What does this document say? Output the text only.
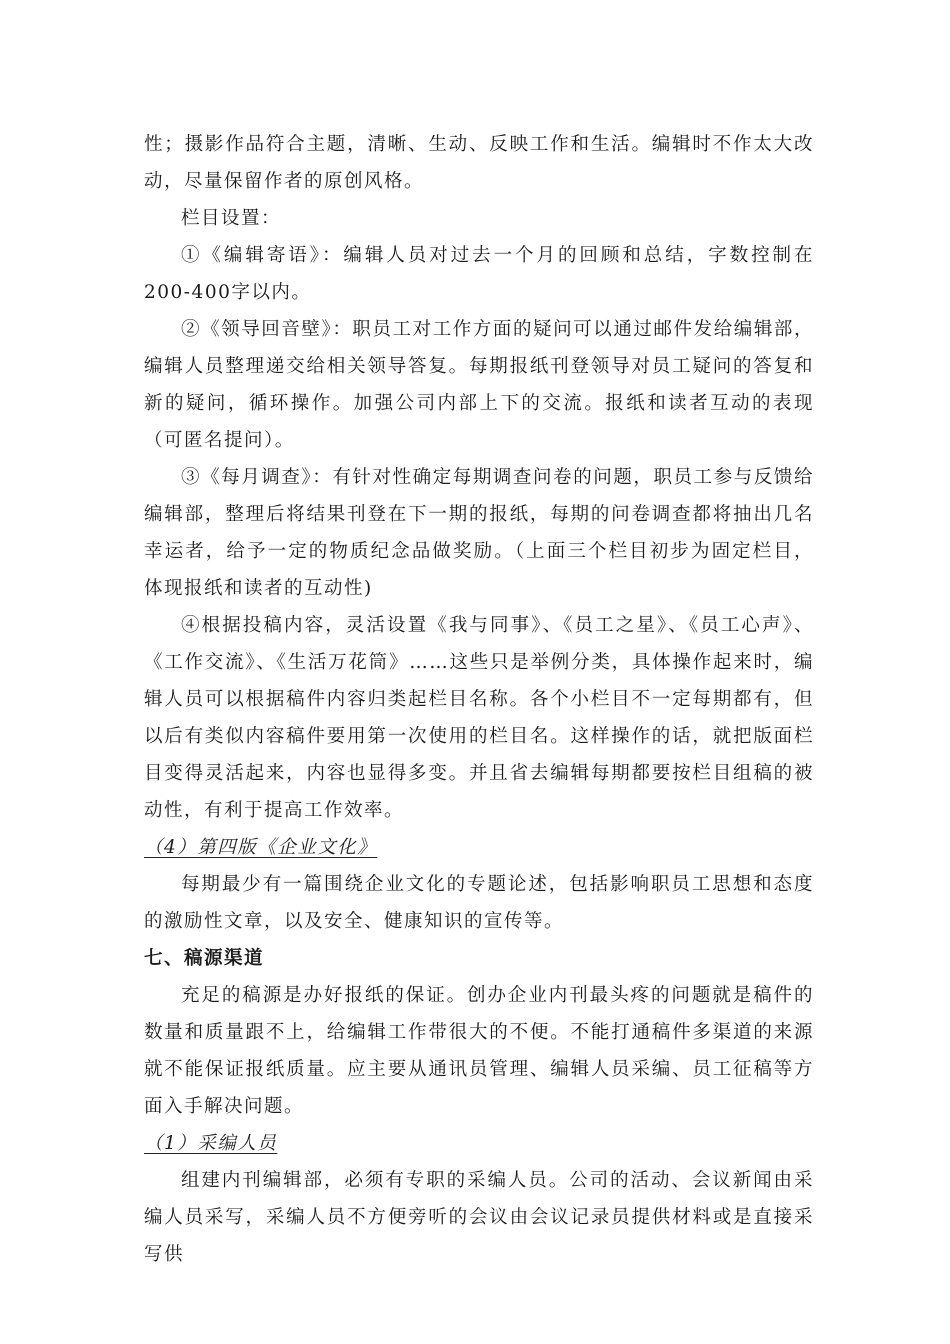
性；摄影作品符合主题，清晰、生动、反映工作和生活。编辑时不作太大改动，尽量保留作者的原创风格。

栏目设置：

①《编辑寄语》：编辑人员对过去一个月的回顾和总结，字数控制在200-400字以内。

②《领导回音壁》：职员工对工作方面的疑问可以通过邮件发给编辑部，编辑人员整理递交给相关领导答复。每期报纸刊登领导对员工疑问的答复和新的疑问，循环操作。加强公司内部上下的交流。报纸和读者互动的表现（可匿名提问）。

③《每月调查》：有针对性确定每期调查问卷的问题，职员工参与反馈给编辑部，整理后将结果刊登在下一期的报纸，每期的问卷调查都将抽出几名幸运者，给予一定的物质纪念品做奖励。（上面三个栏目初步为固定栏目，体现报纸和读者的互动性)

④根据投稿内容，灵活设置《我与同事》、《员工之星》、《员工心声》、《工作交流》、《生活万花筒》……这些只是举例分类，具体操作起来时，编辑人员可以根据稿件内容归类起栏目名称。各个小栏目不一定每期都有，但以后有类似内容稿件要用第一次使用的栏目名。这样操作的话，就把版面栏目变得灵活起来，内容也显得多变。并且省去编辑每期都要按栏目组稿的被动性，有利于提高工作效率。

（4）第四版《企业文化》

每期最少有一篇围绕企业文化的专题论述，包括影响职员工思想和态度的激励性文章，以及安全、健康知识的宣传等。

七、稿源渠道

充足的稿源是办好报纸的保证。创办企业内刊最头疼的问题就是稿件的数量和质量跟不上，给编辑工作带很大的不便。不能打通稿件多渠道的来源就不能保证报纸质量。应主要从通讯员管理、编辑人员采编、员工征稿等方面入手解决问题。

（1）采编人员

组建内刊编辑部，必须有专职的采编人员。公司的活动、会议新闻由采编人员采写，采编人员不方便旁听的会议由会议记录员提供材料或是直接采写供
